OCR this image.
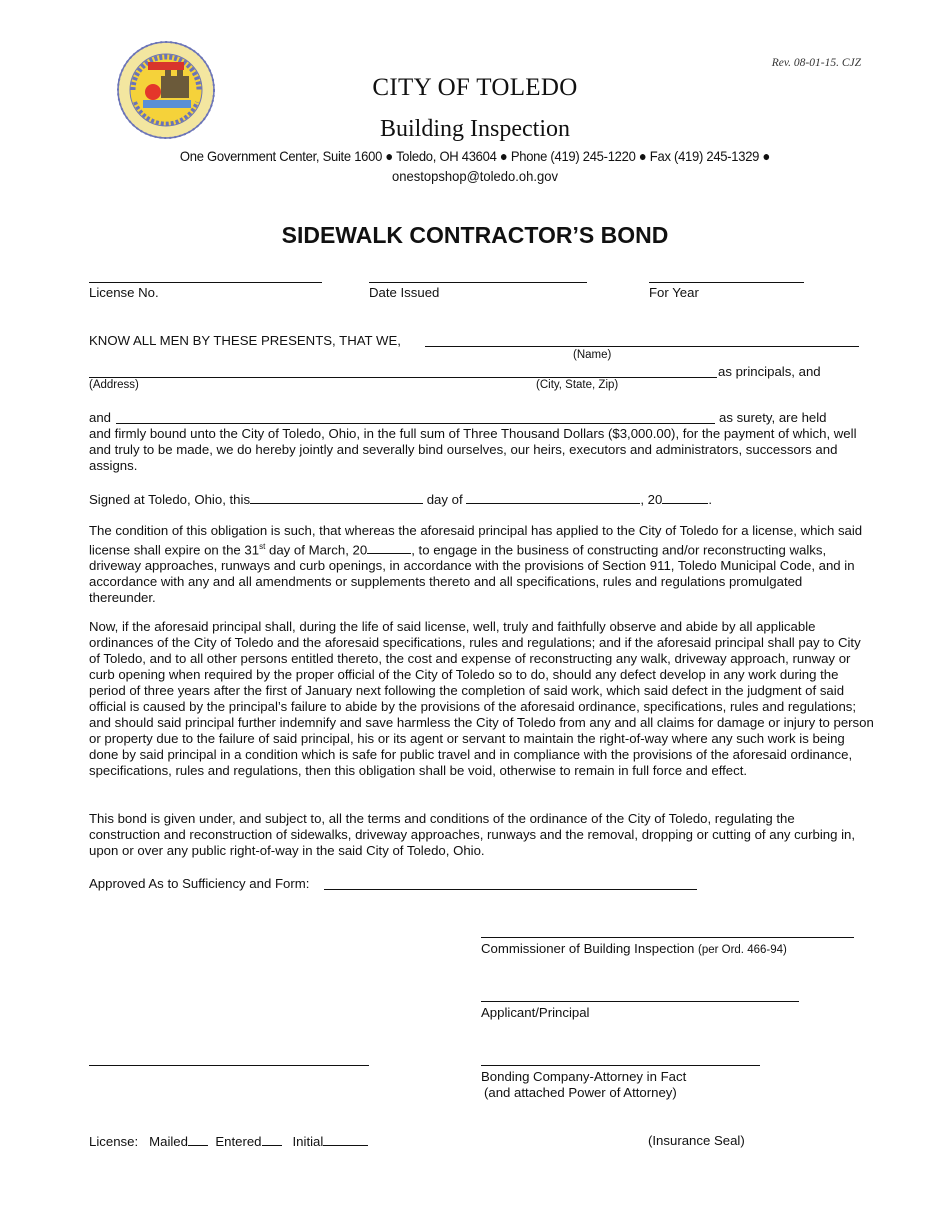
Rev. 08-01-15. CJZ
CITY OF TOLEDO
Building Inspection
One Government Center, Suite 1600 ● Toledo, OH 43604 ● Phone (419) 245-1220 ● Fax (419) 245-1329 ●
onestopshop@toledo.oh.gov
SIDEWALK CONTRACTOR’S BOND
License No.	Date Issued	For Year
KNOW ALL MEN BY THESE PRESENTS, THAT WE,
(Name)
as principals, and
(Address)	(City, State, Zip)
and	as surety, are held

and firmly bound unto the City of Toledo, Ohio, in the full sum of Three Thousand Dollars ($3,000.00), for the payment of which, well and truly to be made, we do hereby jointly and severally bind ourselves, our heirs, executors and administrators, successors and assigns.

Signed at Toledo, Ohio, this	day of	, 20	.

The condition of this obligation is such, that whereas the aforesaid principal has applied to the City of Toledo for a license, which said license shall expire on the 31st day of March, 20	, to engage in the business of constructing and/or reconstructing walks, driveway approaches, runways and curb openings, in accordance with the provisions of Section 911, Toledo Municipal Code, and in accordance with any and all amendments or supplements thereto and all specifications, rules and regulations promulgated thereunder.

Now, if the aforesaid principal shall, during the life of said license, well, truly and faithfully observe and abide by all applicable ordinances of the City of Toledo and the aforesaid specifications, rules and regulations; and if the aforesaid principal shall pay to City of Toledo, and to all other persons entitled thereto, the cost and expense of reconstructing any walk, driveway approach, runway or curb opening when required by the proper official of the City of Toledo so to do, should any defect develop in any work during the period of three years after the first of January next following the completion of said work, which said defect in the judgment of said official is caused by the principal’s failure to abide by the provisions of the aforesaid ordinance, specifications, rules and regulations; and should said principal further indemnify and save harmless the City of Toledo from any and all claims for damage or injury to person or property due to the failure of said principal, his or its agent or servant to maintain the right-of-way where any such work is being done by said principal in a condition which is safe for public travel and in compliance with the provisions of the aforesaid ordinance, specifications, rules and regulations, then this obligation shall be void, otherwise to remain in full force and effect.

This bond is given under, and subject to, all the terms and conditions of the ordinance of the City of Toledo, regulating the construction and reconstruction of sidewalks, driveway approaches, runways and the removal, dropping or cutting of any curbing in, upon or over any public right-of-way in the said City of Toledo, Ohio.

Approved As to Sufficiency and Form:
Commissioner of Building Inspection (per Ord. 466-94)
Applicant/Principal
Bonding Company-Attorney in Fact
(and attached Power of Attorney)
License: Mailed Entered Initial	(Insurance Seal)
